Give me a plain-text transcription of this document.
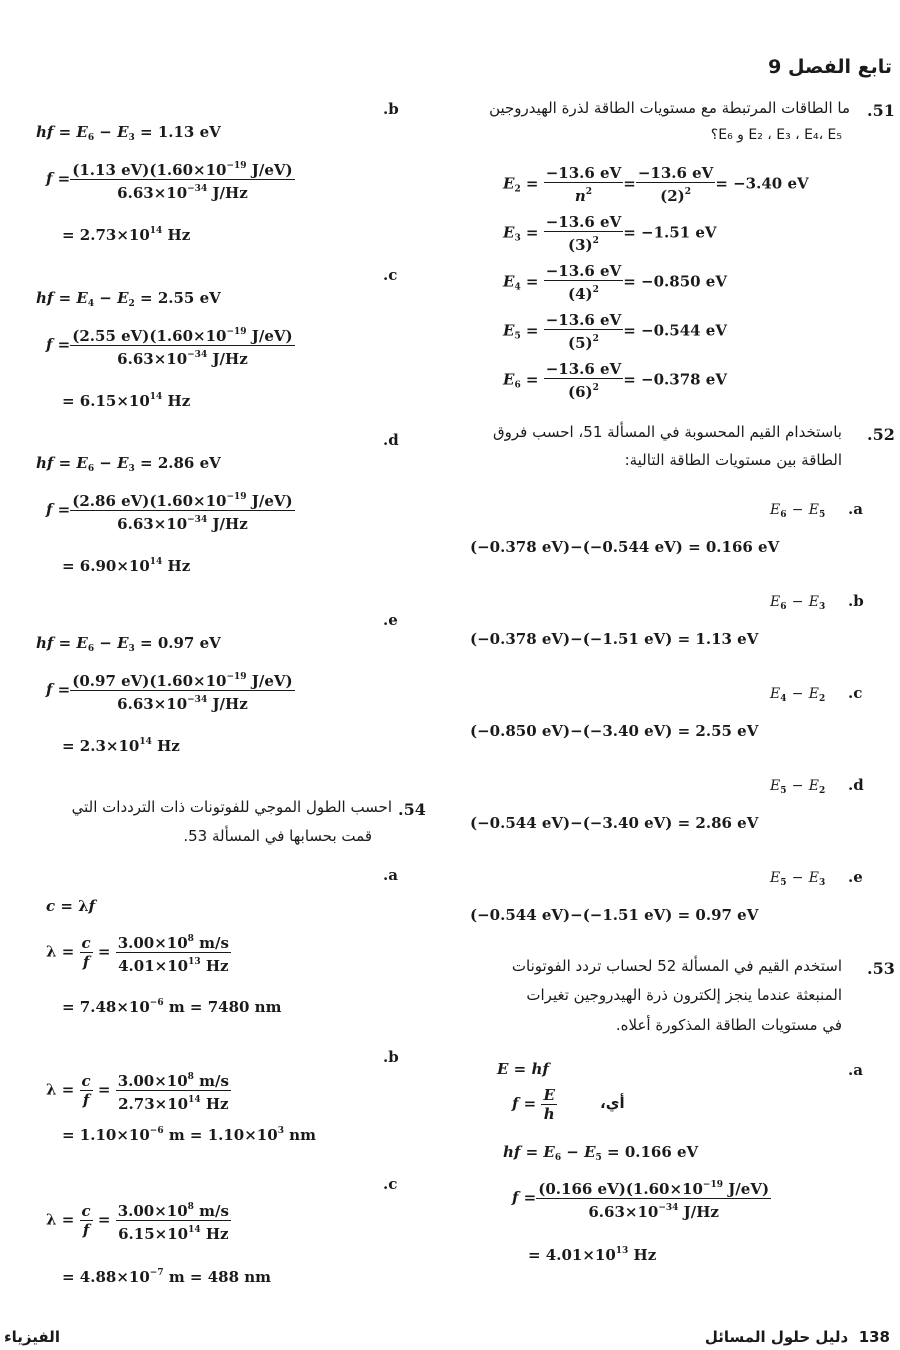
تابع الفصل 9
.51
ما الطاقات المرتبطة مع مستويات الطاقة لذرة الهيدروجين
E₂ ، E₃ ، E₄، E₅ و E₆؟
$E_2 = \frac{-13.6 eV}{n^2} = \frac{-13.6 eV}{(2)^2} = -3.40$ eV
$E_3 = \frac{-13.6 eV}{(3)^2} = -1.51$ eV
$E_4 = \frac{-13.6 eV}{(4)^2} = -0.850$ eV
$E_5 = \frac{-13.6 eV}{(5)^2} = -0.544$ eV
$E_6 = \frac{-13.6 eV}{(6)^2} = -0.378$ eV
.52
باستخدام القيم المحسوبة في المسألة 51، احسب فروق
الطاقة بين مستويات الطاقة التالية:
.a
$E_6 - E_5$
(−0.378 eV)−(−0.544 eV) = 0.166 eV
.b
$E_6 - E_3$
(−0.378 eV)−(−1.51 eV) = 1.13 eV
.c
$E_4 - E_2$
(−0.850 eV)−(−3.40 eV) = 2.55 eV
.d
$E_5 - E_2$
(−0.544 eV)−(−3.40 eV) = 2.86 eV
.e
$E_5 - E_3$
(−0.544 eV)−(−1.51 eV) = 0.97 eV
.53
استخدم القيم في المسألة 52 لحساب تردد الفوتونات
المنبعثة عندما ينجز إلكترون ذرة الهيدروجين تغيرات
في مستويات الطاقة المذكورة أعلاه.
.a
E = hf
$f = \frac{E}{h}$	أي،
hf = $E_6 - E_5 = 0.166$ eV
$f = \frac{(0.166 eV)(1.60\times 10^{-19} J/eV)}{6.63\times 10^{-34} J/Hz}$
= $4.01\times 10^{13}$ Hz
.b
hf = $E_6 - E_3 = 1.13$ eV
$f = \frac{(1.13 eV)(1.60\times 10^{-19} J/eV)}{6.63\times 10^{-34} J/Hz}$
= $2.73\times 10^{14}$ Hz
.c
hf = $E_4 - E_2 = 2.55$ eV
$f = \frac{(2.55 eV)(1.60\times 10^{-19} J/eV)}{6.63\times 10^{-34} J/Hz}$
= $6.15\times 10^{14}$ Hz
.d
hf = $E_6 - E_3 = 2.86$ eV
$f = \frac{(2.86 eV)(1.60\times 10^{-19} J/eV)}{6.63\times 10^{-34} J/Hz}$
= $6.90\times 10^{14}$ Hz
.e
hf = $E_6 - E_3 = 0.97$ eV
$f = \frac{(0.97 eV)(1.60\times 10^{-19} J/eV)}{6.63\times 10^{-34} J/Hz}$
= $2.3\times 10^{14}$ Hz
.54
احسب الطول الموجي للفوتونات ذات الترددات التي
قمت بحسابها في المسألة 53.
c = λf
.a
$\lambda = \frac{c}{f} = \frac{3.00\times 10^8 m/s}{4.01\times 10^{13} Hz}$
= $7.48\times 10^{-6}$ m = 7480 nm
.b
$\lambda = \frac{c}{f} = \frac{3.00\times 10^8 m/s}{2.73\times 10^{14} Hz}$
= $1.10\times 10^{-6}$ $m = 1.10\times 10^3$ nm
.c
$\lambda = \frac{c}{f} = \frac{3.00\times 10^8 m/s}{6.15\times 10^{14} Hz}$
= $4.88\times 10^{-7}$ m = 488 nm
الفيزياء	138  دليل حلول المسائل
